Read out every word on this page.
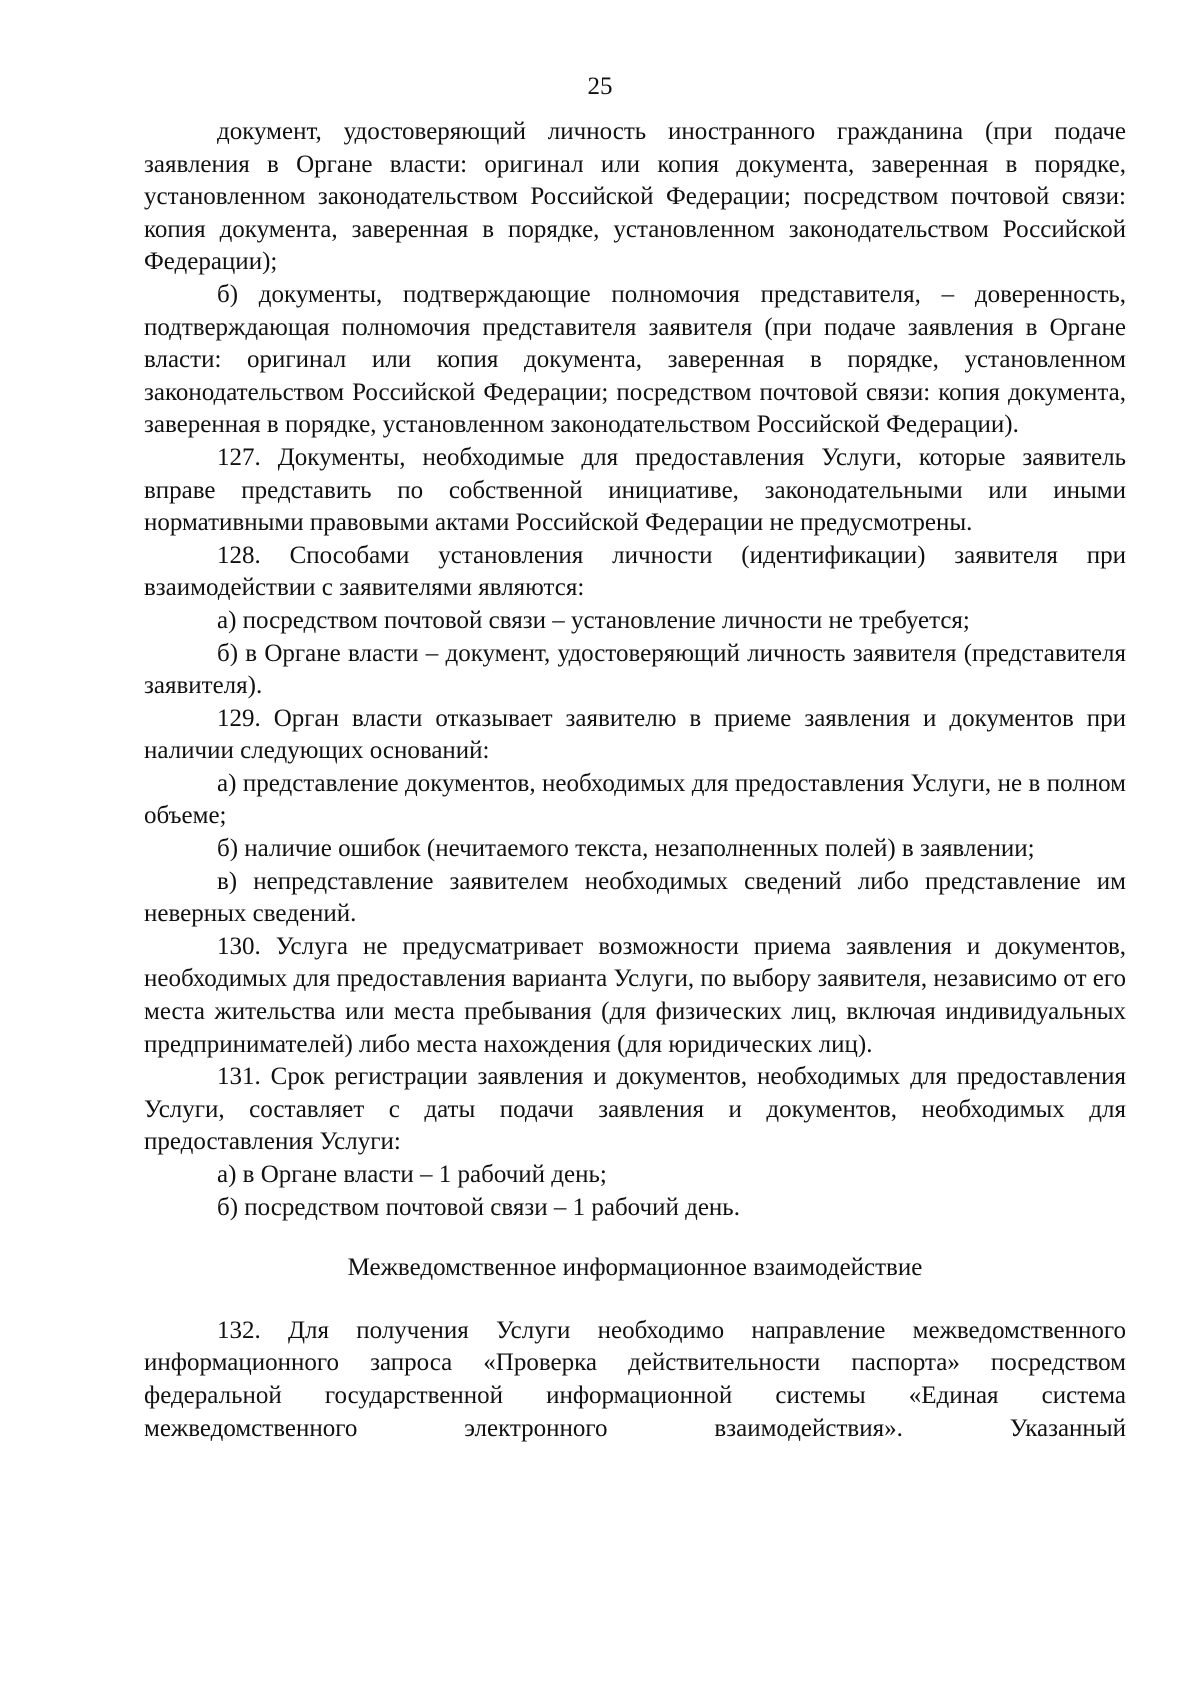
25

документ, удостоверяющий личность иностранного гражданина (при подаче заявления в Органе власти: оригинал или копия документа, заверенная в порядке, установленном законодательством Российской Федерации; посредством почтовой связи: копия документа, заверенная в порядке, установленном законодательством Российской Федерации);

б) документы, подтверждающие полномочия представителя, – доверенность, подтверждающая полномочия представителя заявителя (при подаче заявления в Органе власти: оригинал или копия документа, заверенная в порядке, установленном законодательством Российской Федерации; посредством почтовой связи: копия документа, заверенная в порядке, установленном законодательством Российской Федерации).

127. Документы, необходимые для предоставления Услуги, которые заявитель вправе представить по собственной инициативе, законодательными или иными нормативными правовыми актами Российской Федерации не предусмотрены.

128. Способами установления личности (идентификации) заявителя при взаимодействии с заявителями являются:

а) посредством почтовой связи – установление личности не требуется;

б) в Органе власти – документ, удостоверяющий личность заявителя (представителя заявителя).

129. Орган власти отказывает заявителю в приеме заявления и документов при наличии следующих оснований:

а) представление документов, необходимых для предоставления Услуги, не в полном объеме;

б) наличие ошибок (нечитаемого текста, незаполненных полей) в заявлении;

в) непредставление заявителем необходимых сведений либо представление им неверных сведений.

130. Услуга не предусматривает возможности приема заявления и документов, необходимых для предоставления варианта Услуги, по выбору заявителя, независимо от его места жительства или места пребывания (для физических лиц, включая индивидуальных предпринимателей) либо места нахождения (для юридических лиц).

131. Срок регистрации заявления и документов, необходимых для предоставления Услуги, составляет с даты подачи заявления и документов, необходимых для предоставления Услуги:

а) в Органе власти – 1 рабочий день;

б) посредством почтовой связи – 1 рабочий день.

Межведомственное информационное взаимодействие

132. Для получения Услуги необходимо направление межведомственного информационного запроса «Проверка действительности паспорта» посредством федеральной государственной информационной системы «Единая система межведомственного электронного взаимодействия». Указанный
